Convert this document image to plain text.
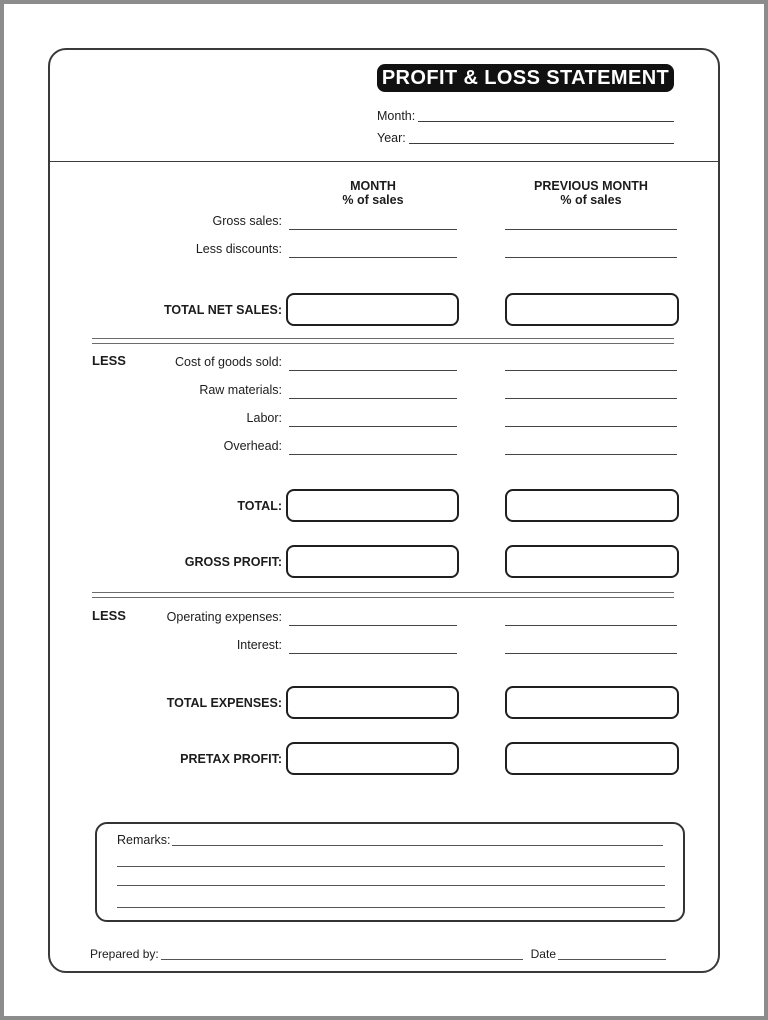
PROFIT & LOSS STATEMENT
Month:
Year:
MONTH
% of sales
PREVIOUS MONTH
% of sales
Gross sales:
Less discounts:
TOTAL NET SALES:
LESS	Cost of goods sold:
Raw materials:
Labor:
Overhead:
TOTAL:
GROSS PROFIT:
LESS	Operating expenses:
Interest:
TOTAL EXPENSES:
PRETAX PROFIT:
Remarks:
Prepared by:	Date
